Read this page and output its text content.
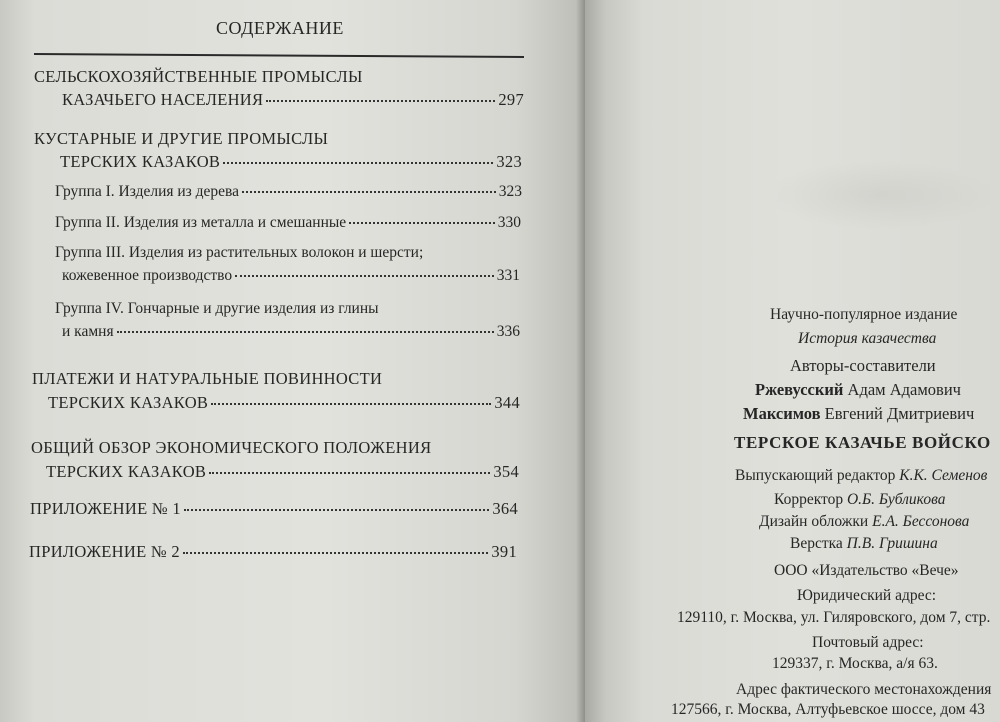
СОДЕРЖАНИЕ
СЕЛЬСКОХОЗЯЙСТВЕННЫЕ ПРОМЫСЛЫ
КАЗАЧЬЕГО НАСЕЛЕНИЯ	297
КУСТАРНЫЕ И ДРУГИЕ ПРОМЫСЛЫ
ТЕРСКИХ КАЗАКОВ	323
Группа I. Изделия из дерева	323
Группа II. Изделия из металла и смешанные	330
Группа III. Изделия из растительных волокон и шерсти;
кожевенное производство	331
Группа IV. Гончарные и другие изделия из глины
и камня	336
ПЛАТЕЖИ И НАТУРАЛЬНЫЕ ПОВИННОСТИ
ТЕРСКИХ КАЗАКОВ	344
ОБЩИЙ ОБЗОР ЭКОНОМИЧЕСКОГО ПОЛОЖЕНИЯ
ТЕРСКИХ КАЗАКОВ	354
ПРИЛОЖЕНИЕ № 1	364
ПРИЛОЖЕНИЕ № 2	391
Научно-популярное издание
История казачества
Авторы-составители
Ржевусский Адам Адамович
Максимов Евгений Дмитриевич
ТЕРСКОЕ КАЗАЧЬЕ ВОЙСКО
Выпускающий редактор К.К. Семенов
Корректор О.Б. Бубликова
Дизайн обложки Е.А. Бессонова
Верстка П.В. Гришина
ООО «Издательство «Вече»
Юридический адрес:
129110, г. Москва, ул. Гиляровского, дом 7, стр.
Почтовый адрес:
129337, г. Москва, а/я 63.
Адрес фактического местонахождения
127566, г. Москва, Алтуфьевское шоссе, дом 43
